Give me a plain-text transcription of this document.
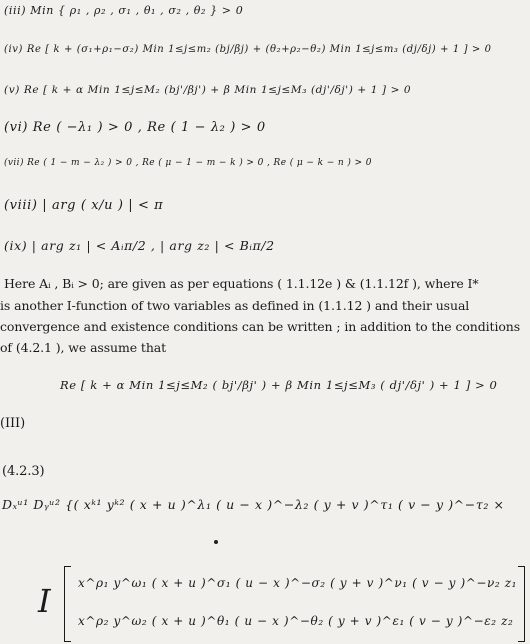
(iii) Min { ρ₁ , ρ₂ , σ₁ , θ₁ , σ₂ , θ₂ } > 0
(iv) Re [ k + (σ₁+ρ₁−σ₂) Min 1≤j≤m₂ (bj/βj) + (θ₂+ρ₂−θ₂) Min 1≤j≤m₃ (dj/δj) + 1 ] > 0
(v) Re [ k + α Min 1≤j≤M₂ (bj'/βj') + β Min 1≤j≤M₃ (dj'/δj') + 1 ] > 0
(vi) Re ( −λ₁ ) > 0 , Re ( 1 − λ₂ ) > 0
(vii) Re ( 1 − m − λ₂ ) > 0 , Re ( μ − 1 − m − k ) > 0 , Re ( μ − k − n ) > 0
(viii) | arg ( x/u ) | < π
(ix) | arg z₁ | < Aᵢπ/2 , | arg z₂ | < Bᵢπ/2
Here Aᵢ , Bᵢ > 0; are given as per equations ( 1.1.12e ) & (1.1.12f ), where I*
is another I-function of two variables as defined in (1.1.12 ) and their usual
convergence and existence conditions can be written ; in addition to the conditions
of (4.2.1 ), we assume that
Re [ k + α Min 1≤j≤M₂ ( bj'/βj' ) + β Min 1≤j≤M₃ ( dj'/δj' ) + 1 ] > 0
(III)
(4.2.3)
Dₓᵘ¹ Dᵧᵘ² {( xᵏ¹ yᵏ² ( x + u )^λ₁ ( u − x )^−λ₂ ( y + v )^τ₁ ( v − y )^−τ₂ ×
I x^ρ₁ y^ω₁ ( x + u )^σ₁ ( u − x )^−σ₂ ( y + v )^ν₁ ( v − y )^−ν₂ z₁
x^ρ₂ y^ω₂ ( x + u )^θ₁ ( u − x )^−θ₂ ( y + v )^ε₁ ( v − y )^−ε₂ z₂
